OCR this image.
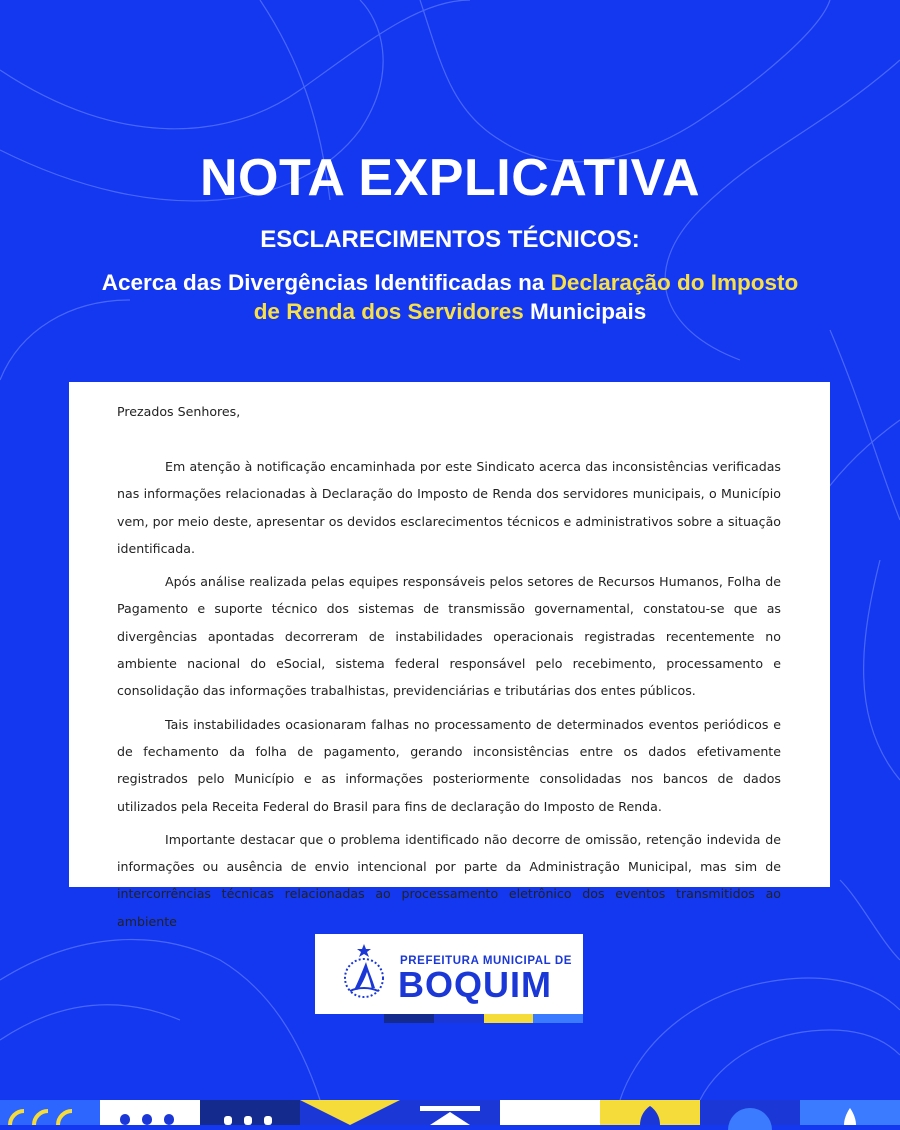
NOTA EXPLICATIVA
ESCLARECIMENTOS TÉCNICOS:
Acerca das Divergências Identificadas na Declaração do Imposto de Renda dos Servidores Municipais
Prezados Senhores,

Em atenção à notificação encaminhada por este Sindicato acerca das inconsistências verificadas nas informações relacionadas à Declaração do Imposto de Renda dos servidores municipais, o Município vem, por meio deste, apresentar os devidos esclarecimentos técnicos e administrativos sobre a situação identificada.

Após análise realizada pelas equipes responsáveis pelos setores de Recursos Humanos, Folha de Pagamento e suporte técnico dos sistemas de transmissão governamental, constatou-se que as divergências apontadas decorreram de instabilidades operacionais registradas recentemente no ambiente nacional do eSocial, sistema federal responsável pelo recebimento, processamento e consolidação das informações trabalhistas, previdenciárias e tributárias dos entes públicos.

Tais instabilidades ocasionaram falhas no processamento de determinados eventos periódicos e de fechamento da folha de pagamento, gerando inconsistências entre os dados efetivamente registrados pelo Município e as informações posteriormente consolidadas nos bancos de dados utilizados pela Receita Federal do Brasil para fins de declaração do Imposto de Renda.

Importante destacar que o problema identificado não decorre de omissão, retenção indevida de informações ou ausência de envio intencional por parte da Administração Municipal, mas sim de intercorrências técnicas relacionadas ao processamento eletrônico dos eventos transmitidos ao ambiente

PREFEITURA MUNICIPAL DE
BOQUIM
